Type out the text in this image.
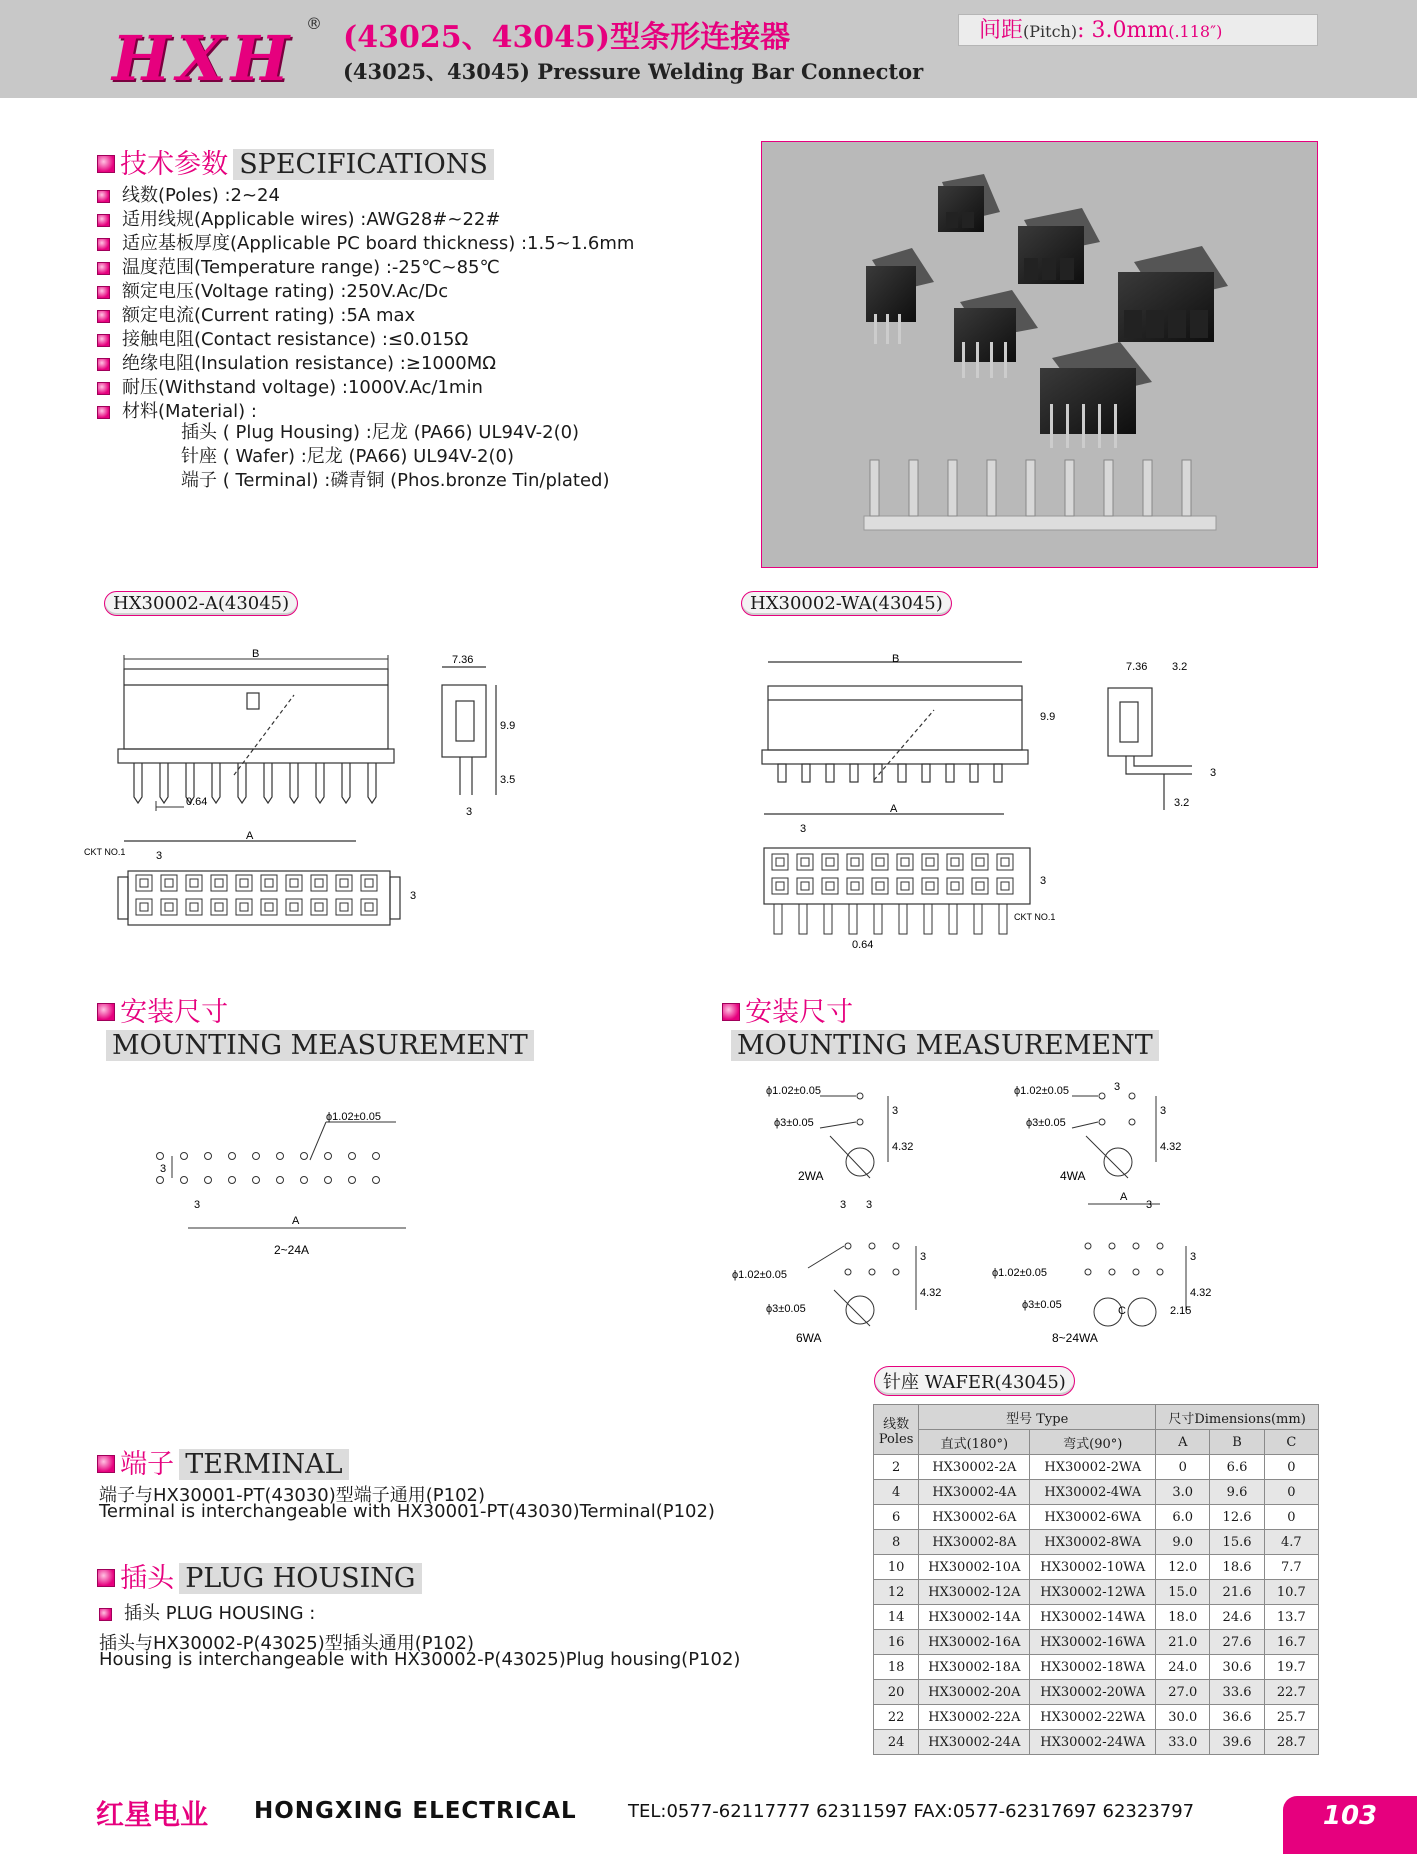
HXH ® (43025、43045)型条形连接器
(43025、43045) Pressure Welding Bar Connector
间距(Pitch): 3.0mm(.118″)
技术参数 SPECIFICATIONS
线数(Poles) :2~24
适用线规(Applicable wires) :AWG28#~22#
适应基板厚度(Applicable PC board thickness) :1.5~1.6mm
温度范围(Temperature range) :-25℃~85℃
额定电压(Voltage rating) :250V.Ac/Dc
额定电流(Current rating) :5A max
接触电阻(Contact resistance) :≤0.015Ω
绝缘电阻(Insulation resistance) :≥1000MΩ
耐压(Withstand voltage) :1000V.Ac/1min
材料(Material) :
插头 ( Plug Housing) :尼龙 (PA66) UL94V-2(0)
针座 ( Wafer) :尼龙 (PA66) UL94V-2(0)
端子 ( Terminal) :磷青铜 (Phos.bronze Tin/plated)
HX30002-A(43045)	HX30002-WA(43045)
B
0.64
7.36
9.9
3.5
3
A
CKT NO.1	3
3
B
7.36 3.2
9.9
3
3.2
A
3
3
CKT NO.1
0.64
安装尺寸
MOUNTING MEASUREMENT
ϕ1.02±0.05
A
3
3
2~24A
安装尺寸
MOUNTING MEASUREMENT
ϕ1.02±0.05
ϕ3±0.05
3
4.32
2WA
ϕ1.02±0.05
ϕ3±0.05
3
3
4.32
4WA
3 3
3
4.32
ϕ1.02±0.05
ϕ3±0.05
6WA
A
3
3
4.32
ϕ1.02±0.05
ϕ3±0.05	C	2.15
8~24WA
针座 WAFER(43045)
线数
Poles	型号 Type		尺寸Dimensions(mm)		
	直式(180°)	弯式(90°)	A	B	C
2	HX30002-2A	HX30002-2WA	0	6.6	0
4	HX30002-4A	HX30002-4WA	3.0	9.6	0
6	HX30002-6A	HX30002-6WA	6.0	12.6	0
8	HX30002-8A	HX30002-8WA	9.0	15.6	4.7
10	HX30002-10A	HX30002-10WA	12.0	18.6	7.7
12	HX30002-12A	HX30002-12WA	15.0	21.6	10.7
14	HX30002-14A	HX30002-14WA	18.0	24.6	13.7
16	HX30002-16A	HX30002-16WA	21.0	27.6	16.7
18	HX30002-18A	HX30002-18WA	24.0	30.6	19.7
20	HX30002-20A	HX30002-20WA	27.0	33.6	22.7
22	HX30002-22A	HX30002-22WA	30.0	36.6	25.7
24	HX30002-24A	HX30002-24WA	33.0	39.6	28.7
端子 TERMINAL
端子与HX30001-PT(43030)型端子通用(P102)
Terminal is interchangeable with HX30001-PT(43030)Terminal(P102)
插头 PLUG HOUSING
插头 PLUG HOUSING :
插头与HX30002-P(43025)型插头通用(P102)
Housing is interchangeable with HX30002-P(43025)Plug housing(P102)
红星电业 HONGXING ELECTRICAL	TEL:0577-62117777 62311597 FAX:0577-62317697 62323797	103
